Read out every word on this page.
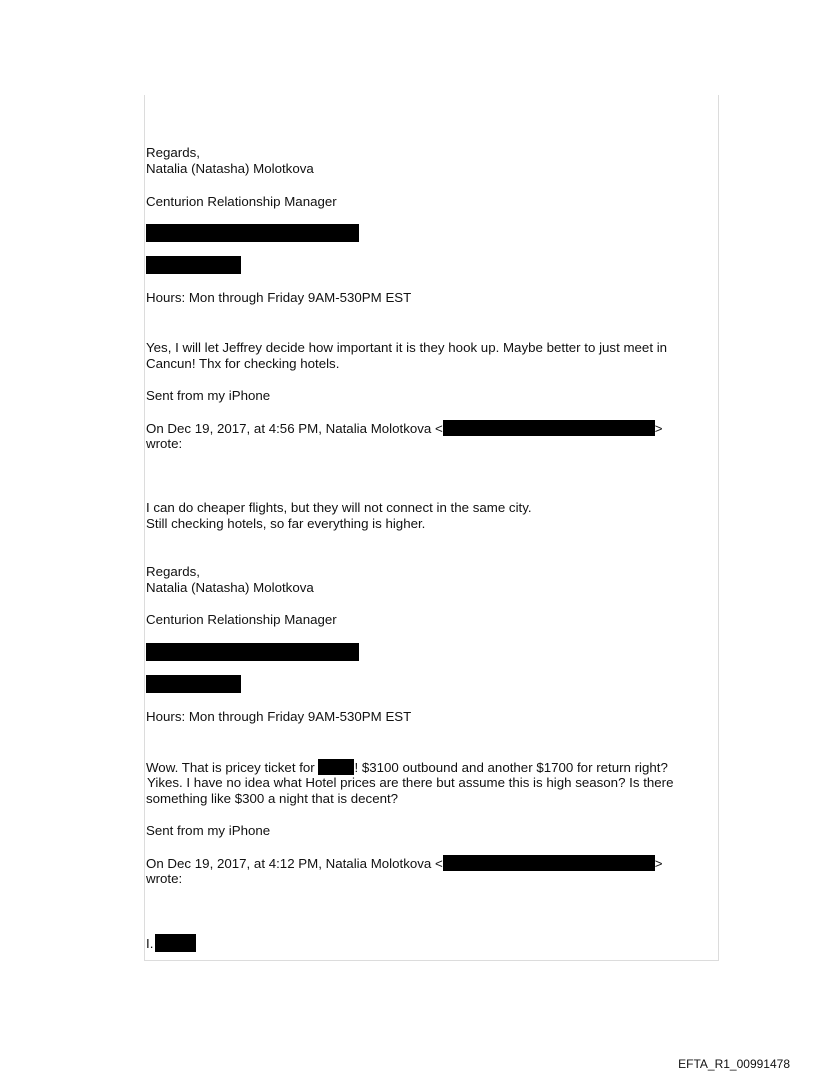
Regards,
Natalia (Natasha) Molotkova
Centurion Relationship Manager
Hours: Mon through Friday 9AM-530PM EST
Yes, I will let Jeffrey decide how important it is they hook up. Maybe better to just meet in
Cancun! Thx for checking hotels.
Sent from my iPhone
On Dec 19, 2017, at 4:56 PM, Natalia Molotkova <	>
wrote:
I can do cheaper flights, but they will not connect in the same city.
Still checking hotels, so far everything is higher.
Regards,
Natalia (Natasha) Molotkova
Centurion Relationship Manager
Hours: Mon through Friday 9AM-530PM EST
Wow. That is pricey ticket for	! $3100 outbound and another $1700 for return right?
Yikes. I have no idea what Hotel prices are there but assume this is high season? Is there
something like $300 a night that is decent?
Sent from my iPhone
On Dec 19, 2017, at 4:12 PM, Natalia Molotkova <	>
wrote:
I.
EFTA_R1_00991478
